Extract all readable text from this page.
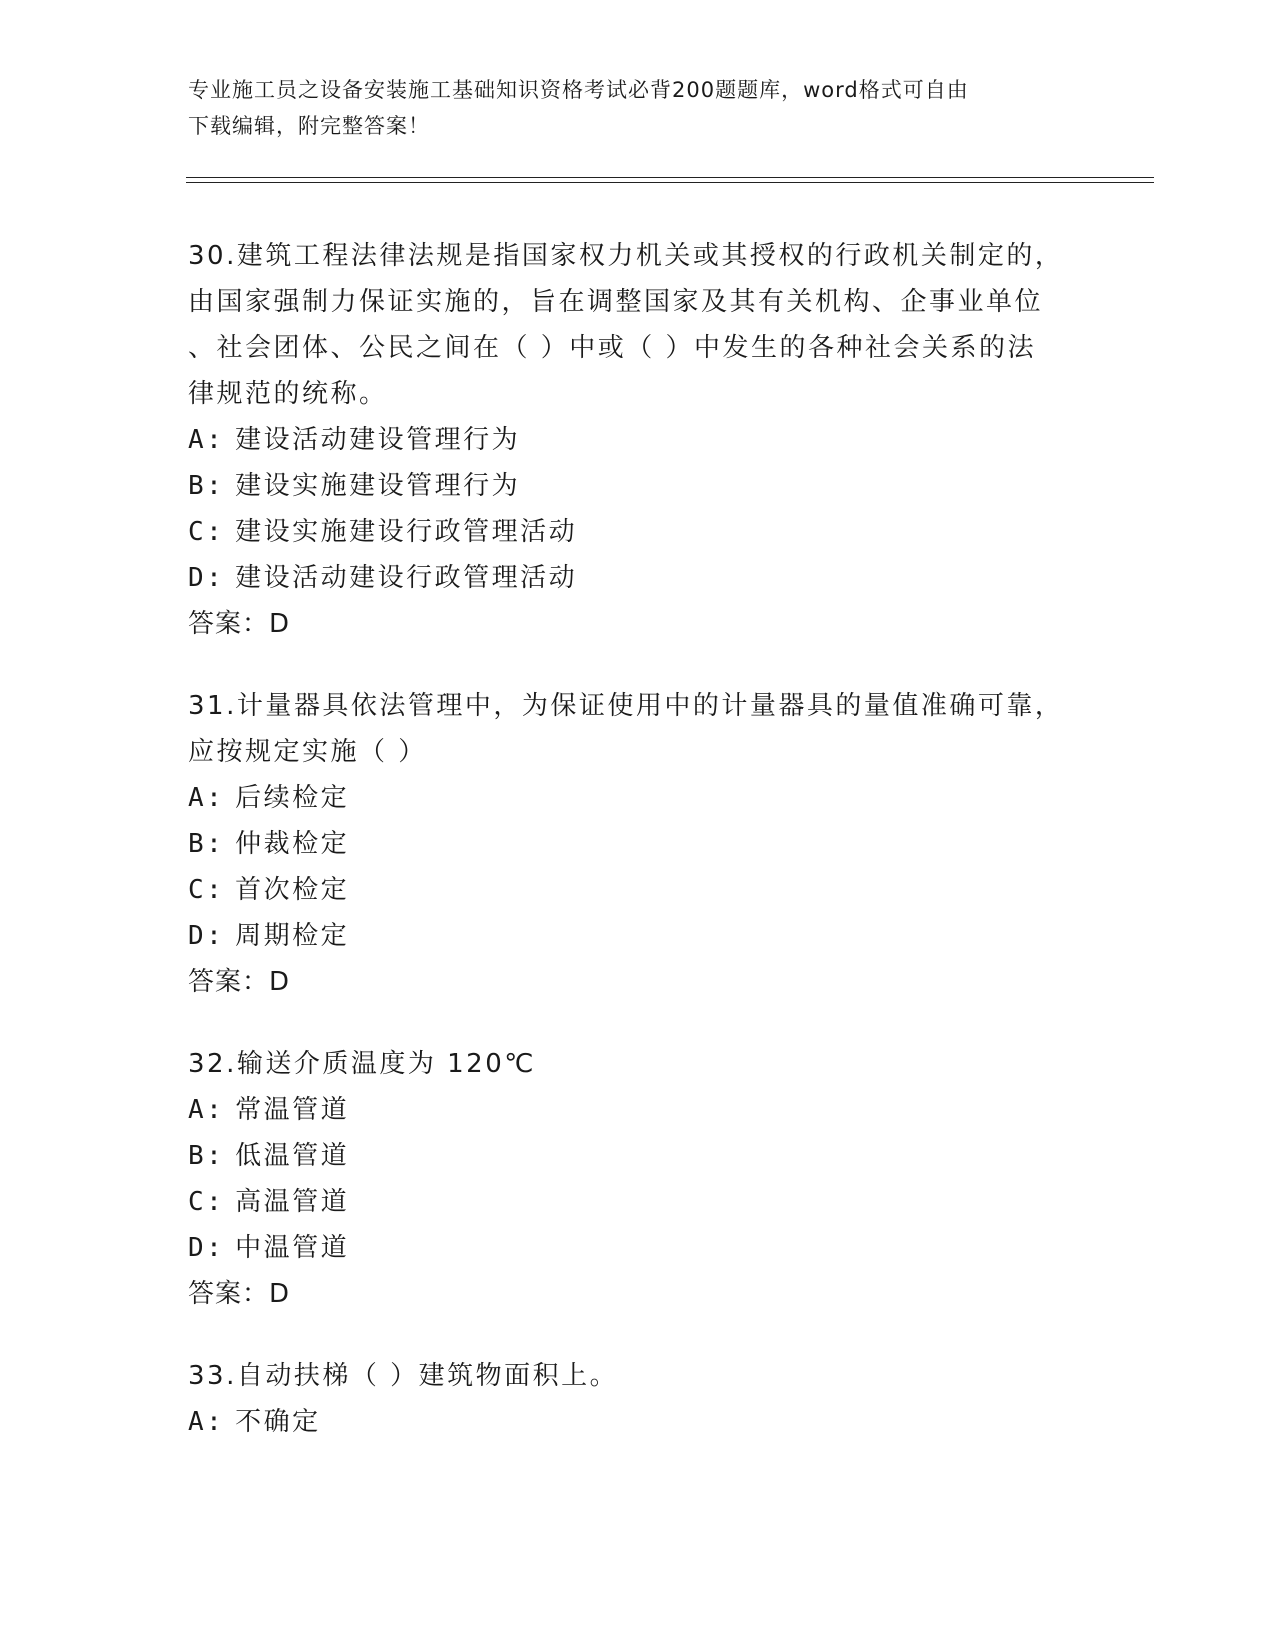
专业施工员之设备安装施工基础知识资格考试必背200题题库，word格式可自由
下载编辑，附完整答案！
30.建筑工程法律法规是指国家权力机关或其授权的行政机关制定的，
由国家强制力保证实施的，旨在调整国家及其有关机构、企事业单位
、社会团体、公民之间在（ ）中或（ ）中发生的各种社会关系的法
律规范的统称。
A: 建设活动建设管理行为
B: 建设实施建设管理行为
C: 建设实施建设行政管理活动
D: 建设活动建设行政管理活动
答案：D
31.计量器具依法管理中，为保证使用中的计量器具的量值准确可靠，
应按规定实施（ ）
A: 后续检定
B: 仲裁检定
C: 首次检定
D: 周期检定
答案：D
32.输送介质温度为 120℃
A: 常温管道
B: 低温管道
C: 高温管道
D: 中温管道
答案：D
33.自动扶梯（ ）建筑物面积上。
A: 不确定
